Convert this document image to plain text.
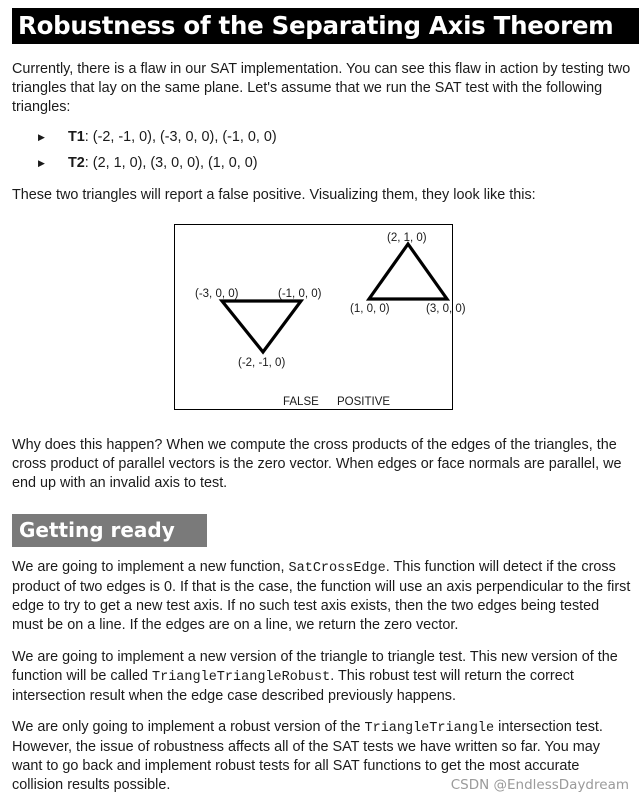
Robustness of the Separating Axis Theorem

Currently, there is a flaw in our SAT implementation. You can see this flaw in action by testing two triangles that lay on the same plane. Let's assume that we run the SAT test with the following triangles:

▶ T1: (-2, -1, 0), (-3, 0, 0), (-1, 0, 0)
▶ T2: (2, 1, 0), (3, 0, 0), (1, 0, 0)

These two triangles will report a false positive. Visualizing them, they look like this:

(2, 1, 0)
(1, 0, 0)	(3, 0, 0)
(-3, 0, 0)	(-1, 0, 0)
(-2, -1, 0)
FALSE POSITIVE

Why does this happen? When we compute the cross products of the edges of the triangles, the cross product of parallel vectors is the zero vector. When edges or face normals are parallel, we end up with an invalid axis to test.

Getting ready

We are going to implement a new function, SatCrossEdge. This function will detect if the cross product of two edges is 0. If that is the case, the function will use an axis perpendicular to the first edge to try to get a new test axis. If no such test axis exists, then the two edges being tested must be on a line. If the edges are on a line, we return the zero vector.

We are going to implement a new version of the triangle to triangle test. This new version of the function will be called TriangleTriangleRobust. This robust test will return the correct intersection result when the edge case described previously happens.

We are only going to implement a robust version of the TriangleTriangle intersection test. However, the issue of robustness affects all of the SAT tests we have written so far. You may want to go back and implement robust tests for all SAT functions to get the most accurate collision results possible.	CSDN @EndlessDaydream
